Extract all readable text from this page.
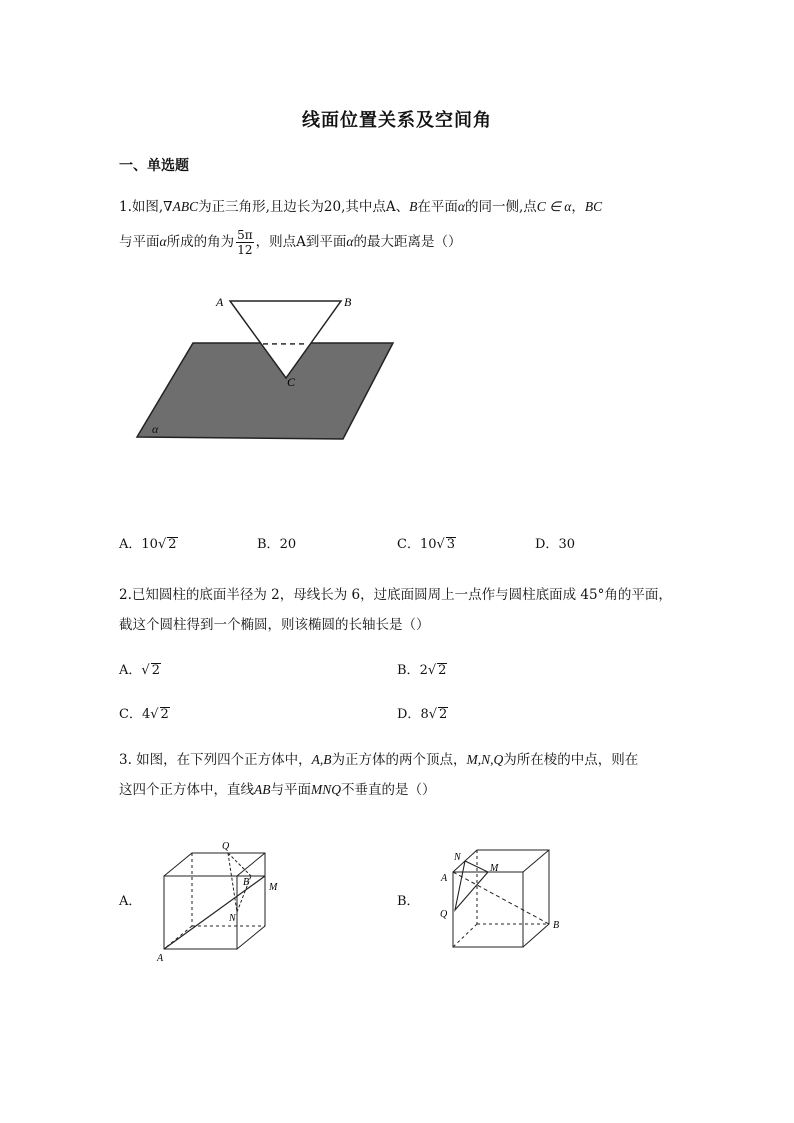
线面位置关系及空间角
一、单选题
1.如图,∇ABC为正三角形,且边长为20,其中点A、B在平面α的同一侧,点C ∈ α，BC
与平面α所成的角为 $\frac{5\pi}{12}$ ，则点A到平面α的最大距离是（）
A	B
C
α
A．10√ 2	B．20	C．10√ 3	D．30
2.已知圆柱的底面半径为 2，母线长为 6，过底面圆周上一点作与圆柱底面成 45°角的平面，
截这个圆柱得到一个椭圆，则该椭圆的长轴长是（）
A．√ 2	B．2√ 2
C．4√ 2	D．8√ 2
3. 如图，在下列四个正方体中，A,B为正方体的两个顶点，M,N,Q为所在棱的中点，则在
这四个正方体中，直线AB与平面MNQ不垂直的是（）
A．
Q
B M
N
A
B．
N
M
A
Q
B
